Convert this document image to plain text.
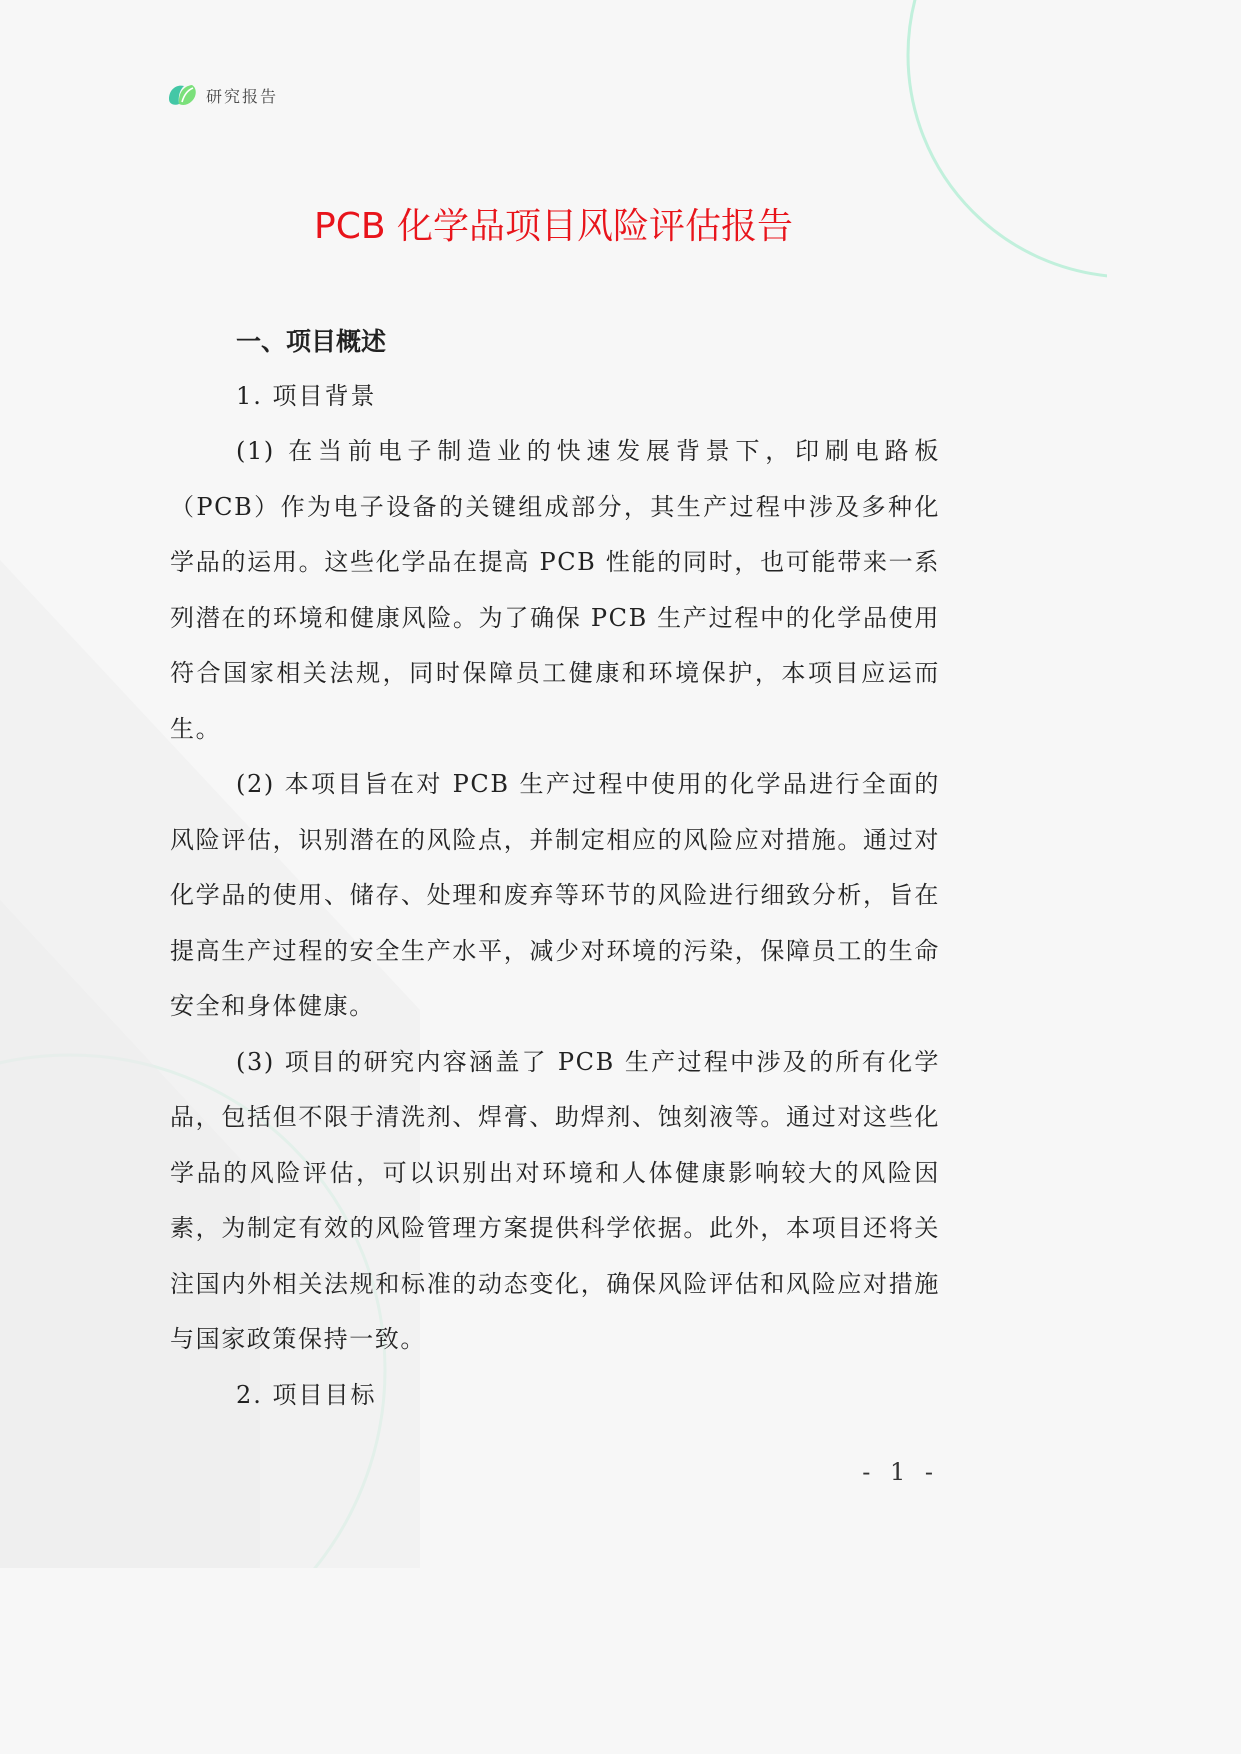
研究报告
PCB 化学品项目风险评估报告
一、项目概述
1. 项目背景

(1) 在当前电子制造业的快速发展背景下，印刷电路板（PCB）作为电子设备的关键组成部分，其生产过程中涉及多种化学品的运用。这些化学品在提高 PCB 性能的同时，也可能带来一系列潜在的环境和健康风险。为了确保 PCB 生产过程中的化学品使用符合国家相关法规，同时保障员工健康和环境保护，本项目应运而生。

(2) 本项目旨在对 PCB 生产过程中使用的化学品进行全面的风险评估，识别潜在的风险点，并制定相应的风险应对措施。通过对化学品的使用、储存、处理和废弃等环节的风险进行细致分析，旨在提高生产过程的安全生产水平，减少对环境的污染，保障员工的生命安全和身体健康。

(3) 项目的研究内容涵盖了 PCB 生产过程中涉及的所有化学品，包括但不限于清洗剂、焊膏、助焊剂、蚀刻液等。通过对这些化学品的风险评估，可以识别出对环境和人体健康影响较大的风险因素，为制定有效的风险管理方案提供科学依据。此外，本项目还将关注国内外相关法规和标准的动态变化，确保风险评估和风险应对措施与国家政策保持一致。

2. 项目目标
- 1 -
